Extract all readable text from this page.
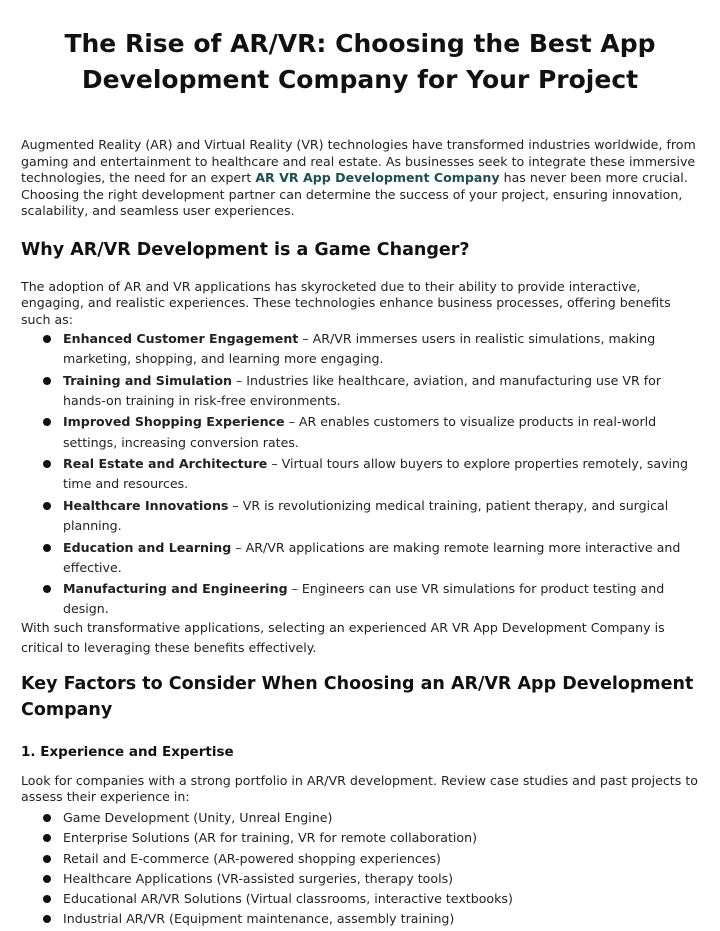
The Rise of AR/VR: Choosing the Best App Development Company for Your Project

Augmented Reality (AR) and Virtual Reality (VR) technologies have transformed industries worldwide, from gaming and entertainment to healthcare and real estate. As businesses seek to integrate these immersive technologies, the need for an expert AR VR App Development Company has never been more crucial. Choosing the right development partner can determine the success of your project, ensuring innovation, scalability, and seamless user experiences.

Why AR/VR Development is a Game Changer?

The adoption of AR and VR applications has skyrocketed due to their ability to provide interactive, engaging, and realistic experiences. These technologies enhance business processes, offering benefits such as:

Enhanced Customer Engagement – AR/VR immerses users in realistic simulations, making marketing, shopping, and learning more engaging.
Training and Simulation – Industries like healthcare, aviation, and manufacturing use VR for hands-on training in risk-free environments.
Improved Shopping Experience – AR enables customers to visualize products in real-world settings, increasing conversion rates.
Real Estate and Architecture – Virtual tours allow buyers to explore properties remotely, saving time and resources.
Healthcare Innovations – VR is revolutionizing medical training, patient therapy, and surgical planning.
Education and Learning – AR/VR applications are making remote learning more interactive and effective.
Manufacturing and Engineering – Engineers can use VR simulations for product testing and design.

With such transformative applications, selecting an experienced AR VR App Development Company is critical to leveraging these benefits effectively.

Key Factors to Consider When Choosing an AR/VR App Development Company
1. Experience and Expertise

Look for companies with a strong portfolio in AR/VR development. Review case studies and past projects to assess their experience in:

Game Development (Unity, Unreal Engine)
Enterprise Solutions (AR for training, VR for remote collaboration)
Retail and E-commerce (AR-powered shopping experiences)
Healthcare Applications (VR-assisted surgeries, therapy tools)
Educational AR/VR Solutions (Virtual classrooms, interactive textbooks)
Industrial AR/VR (Equipment maintenance, assembly training)
